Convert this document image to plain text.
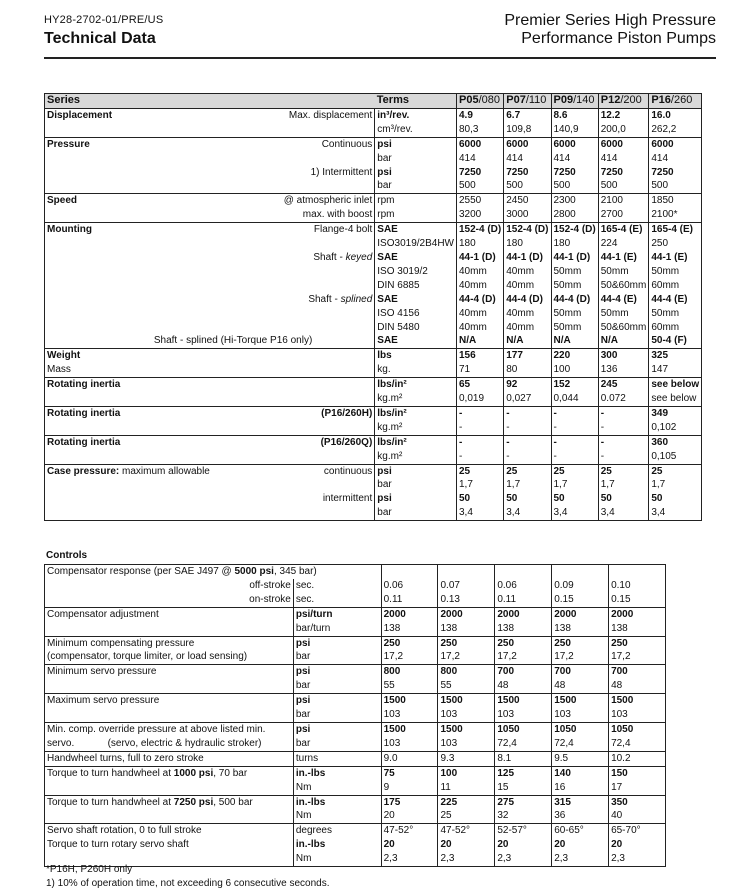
HY28-2702-01/PRE/US
Technical Data
Premier Series High Pressure
Performance Piston Pumps
Series		Terms	P05/080	P07/110	P09/140	P12/200	P16/260
Displacement	Max. displacement	in³/rev.	4.9	6.7	8.6	12.2	16.0
		cm³/rev.	80,3	109,8	140,9	200,0	262,2
Pressure	Continuous	psi	6000	6000	6000	6000	6000
		bar	414	414	414	414	414
	1) Intermittent	psi	7250	7250	7250	7250	7250
		bar	500	500	500	500	500
Speed	@ atmospheric inlet	rpm	2550	2450	2300	2100	1850
	max. with boost	rpm	3200	3000	2800	2700	2100*
Mounting	Flange-4 bolt	SAE	152-4 (D)	152-4 (D)	152-4 (D)	165-4 (E)	165-4 (E)
		ISO3019/2B4HW	180	180	180	224	250
	Shaft - keyed	SAE	44-1 (D)	44-1 (D)	44-1 (D)	44-1 (E)	44-1 (E)
		ISO 3019/2	40mm	40mm	50mm	50mm	50mm
		DIN 6885	40mm	40mm	50mm	50&60mm	60mm
	Shaft - splined	SAE	44-4 (D)	44-4 (D)	44-4 (D)	44-4 (E)	44-4 (E)
		ISO 4156	40mm	40mm	50mm	50mm	50mm
		DIN 5480	40mm	40mm	50mm	50&60mm	60mm
	Shaft - splined (Hi-Torque P16 only)	SAE	N/A	N/A	N/A	N/A	50-4 (F)
Weight		lbs	156	177	220	300	325
Mass		kg.	71	80	100	136	147
Rotating inertia		lbs/in²	65	92	152	245	see below
		kg.m²	0,019	0,027	0,044	0.072	see below
Rotating inertia	(P16/260H)	lbs/in²	-	-	-	-	349
		kg.m²	-	-	-	-	0,102
Rotating inertia	(P16/260Q)	lbs/in²	-	-	-	-	360
		kg.m²	-	-	-	-	0,105
Case pressure: maximum allowable	continuous	psi	25	25	25	25	25
		bar	1,7	1,7	1,7	1,7	1,7
	intermittent	psi	50	50	50	50	50
		bar	3,4	3,4	3,4	3,4	3,4
Controls
Compensator response (per SAE J497 @ 5000 psi, 345 bar)						
off-stroke	sec.	0.06	0.07	0.06	0.09	0.10
on-stroke	sec.	0.11	0.13	0.11	0.15	0.15
Compensator adjustment	psi/turn	2000	2000	2000	2000	2000
	bar/turn	138	138	138	138	138
Minimum compensating pressure	psi	250	250	250	250	250
(compensator, torque limiter, or load sensing)	bar	17,2	17,2	17,2	17,2	17,2
Minimum servo pressure	psi	800	800	700	700	700
	bar	55	55	48	48	48
Maximum servo pressure	psi	1500	1500	1500	1500	1500
	bar	103	103	103	103	103
Min. comp. override pressure at above listed min.	psi	1500	1500	1050	1050	1050
servo.            (servo, electric & hydraulic stroker)	bar	103	103	72,4	72,4	72,4
Handwheel turns, full to zero stroke	turns	9.0	9.3	8.1	9.5	10.2
Torque to turn handwheel at 1000 psi, 70 bar	in.-lbs	75	100	125	140	150
	Nm	9	11	15	16	17
Torque to turn handwheel at 7250 psi, 500 bar	in.-lbs	175	225	275	315	350
	Nm	20	25	32	36	40
Servo shaft rotation, 0 to full stroke	degrees	47-52°	47-52°	52-57°	60-65°	65-70°
Torque to turn rotary servo shaft	in.-lbs	20	20	20	20	20
	Nm	2,3	2,3	2,3	2,3	2,3
*P16H, P260H only
1) 10% of operation time, not exceeding 6 consecutive seconds.
